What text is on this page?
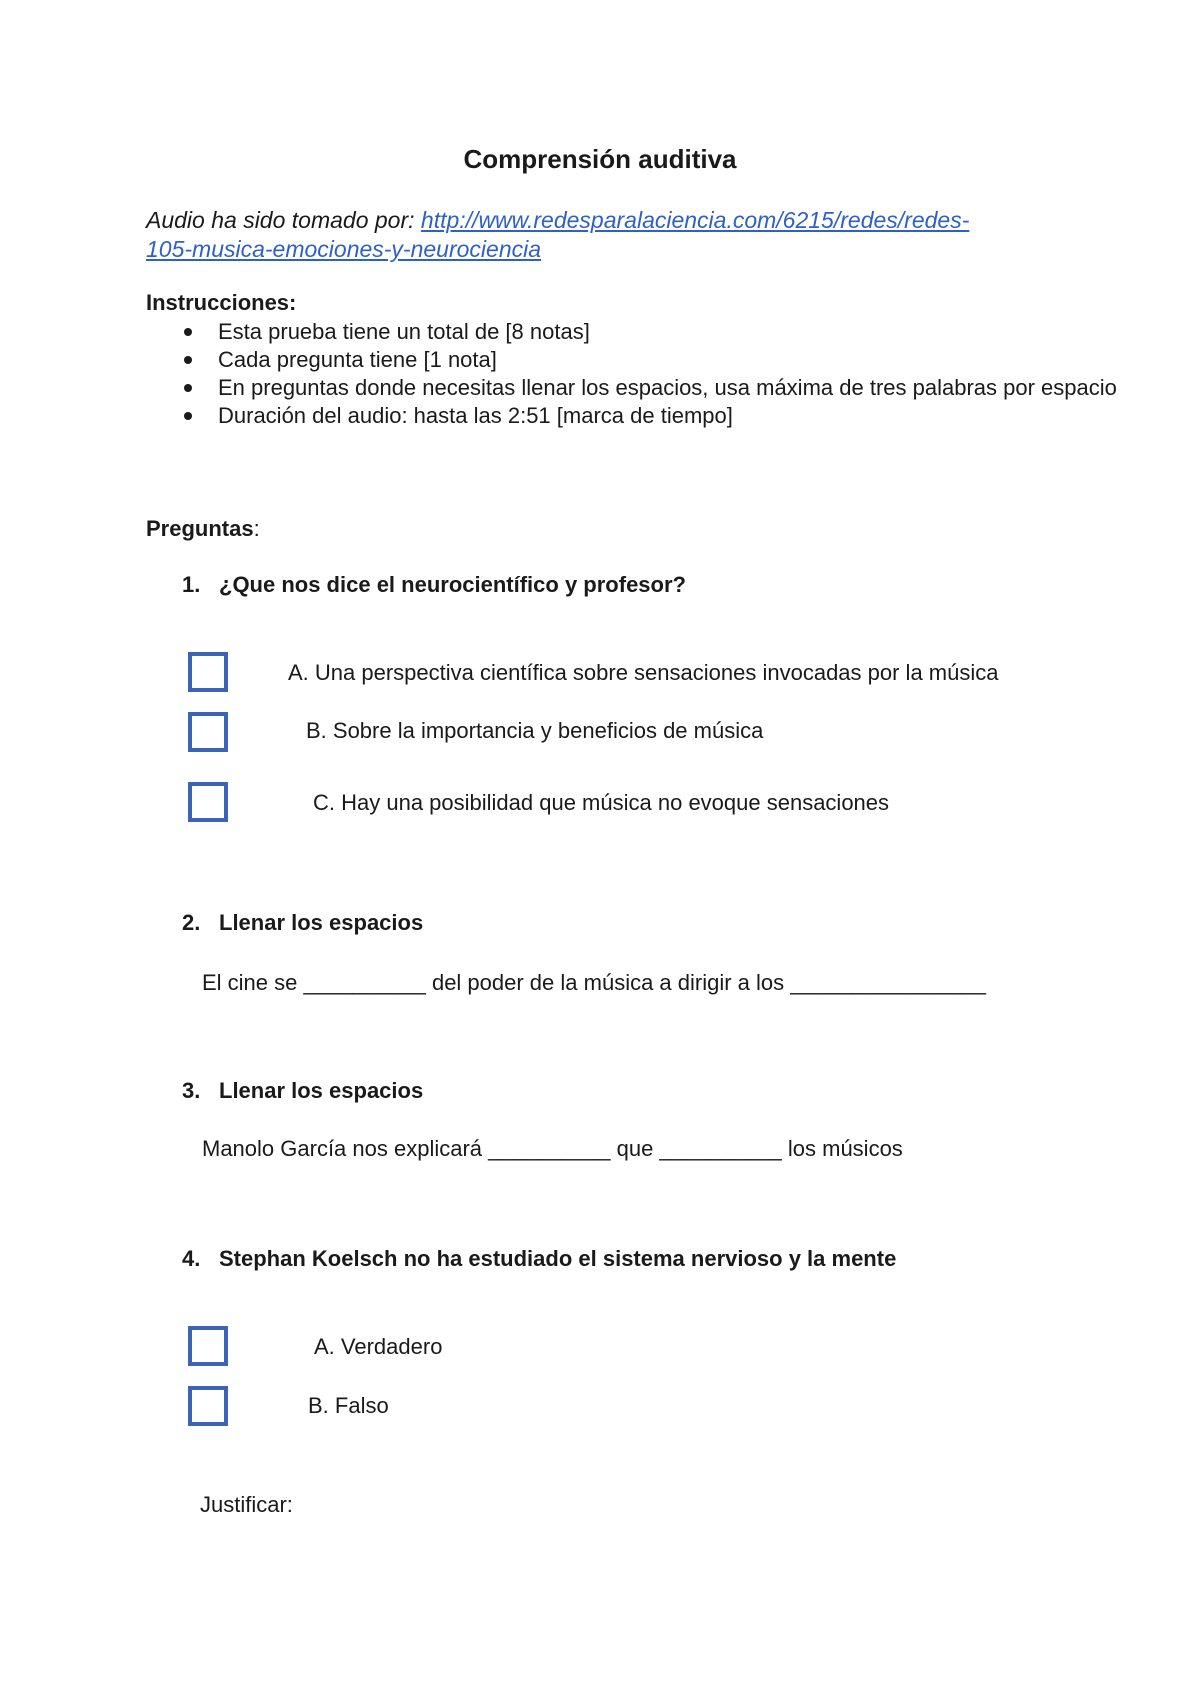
Comprensión auditiva
Audio ha sido tomado por: http://www.redesparalaciencia.com/6215/redes/redes-
105-musica-emociones-y-neurociencia
Instrucciones:
Esta prueba tiene un total de [8 notas]
Cada pregunta tiene [1 nota]
En preguntas donde necesitas llenar los espacios, usa máxima de tres palabras por espacio
Duración del audio: hasta las 2:51 [marca de tiempo]
Preguntas:
1. ¿Que nos dice el neurocientífico y profesor?
A. Una perspectiva científica sobre sensaciones invocadas por la música
B. Sobre la importancia y beneficios de música
C. Hay una posibilidad que música no evoque sensaciones
2. Llenar los espacios
El cine se __________ del poder de la música a dirigir a los ________________
3. Llenar los espacios
Manolo García nos explicará __________ que __________ los músicos
4. Stephan Koelsch no ha estudiado el sistema nervioso y la mente
A. Verdadero
B. Falso
Justificar:
